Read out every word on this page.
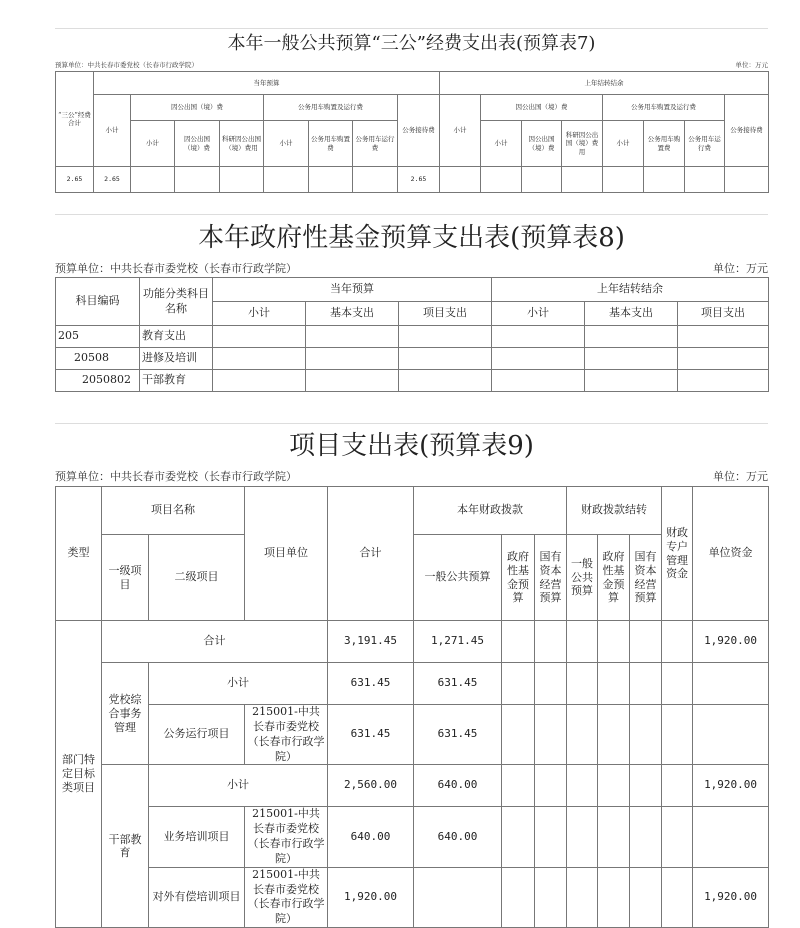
本年一般公共预算“三公”经费支出表(预算表7)
预算单位：中共长春市委党校（长春市行政学院）	单位：万元
“三公”经费合计	当年预算								上年结转结余							
	小计	因公出国（境）费			公务用车购置及运行费			公务接待费	小计	因公出国（境）费			公务用车购置及运行费			公务接待费
		小计	因公出国（境）费	科研因公出国（境）费用	小计	公务用车购置费	公务用车运行费			小计	因公出国（境）费	科研因公出国（境）费用	小计	公务用车购置费	公务用车运行费	
2.65	2.65							2.65								
本年政府性基金预算支出表(预算表8)
预算单位：中共长春市委党校（长春市行政学院）	单位：万元
科目编码	功能分类科目名称	当年预算			上年结转结余		
		小计	基本支出	项目支出	小计	基本支出	项目支出
205	教育支出						
20508	进修及培训						
2050802	干部教育						
项目支出表(预算表9)
预算单位：中共长春市委党校（长春市行政学院）	单位：万元
类型	项目名称		项目单位	合计	本年财政拨款			财政拨款结转			财政专户管理资金	单位资金
	一级项目	二级项目			一般公共预算	政府性基金预算	国有资本经营预算	一般公共预算	政府性基金预算	国有资本经营预算		

部门特定目标类项目	合计			3,191.45	1,271.45							1,920.00
	党校综合事务管理	小计		631.45	631.45							
		公务运行项目	215001-中共长春市委党校（长春市行政学院）	631.45	631.45							
	干部教育	小计		2,560.00	640.00							1,920.00
		业务培训项目	215001-中共长春市委党校（长春市行政学院）	640.00	640.00							
		对外有偿培训项目	215001-中共长春市委党校（长春市行政学院）	1,920.00								1,920.00
